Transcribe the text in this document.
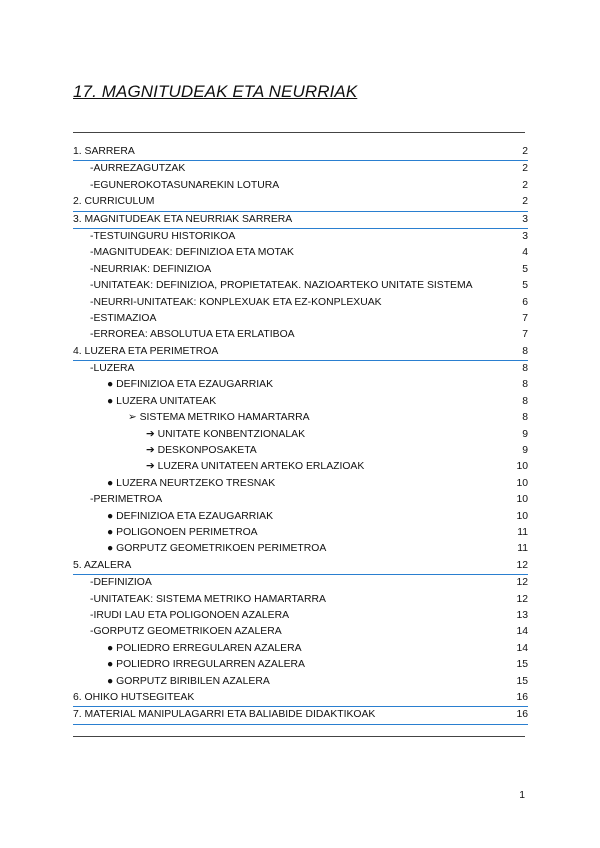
17. MAGNITUDEAK ETA NEURRIAK
1. SARRERA	2
-AURREZAGUTZAK	2
-EGUNEROKOTASUNAREKIN LOTURA	2
2. CURRICULUM	2
3. MAGNITUDEAK ETA NEURRIAK SARRERA	3
-TESTUINGURU HISTORIKOA	3
-MAGNITUDEAK: DEFINIZIOA ETA MOTAK	4
-NEURRIAK: DEFINIZIOA	5
-UNITATEAK: DEFINIZIOA, PROPIETATEAK. NAZIOARTEKO UNITATE SISTEMA	5
-NEURRI-UNITATEAK: KONPLEXUAK ETA EZ-KONPLEXUAK	6
-ESTIMAZIOA	7
-ERROREA: ABSOLUTUA ETA ERLATIBOA	7
4. LUZERA ETA PERIMETROA	8
-LUZERA	8
● DEFINIZIOA ETA EZAUGARRIAK	8
● LUZERA UNITATEAK	8
➢ SISTEMA METRIKO HAMARTARRA	8
➔ UNITATE KONBENTZIONALAK	9
➔ DESKONPOSAKETA	9
➔ LUZERA UNITATEEN ARTEKO ERLAZIOAK	10
● LUZERA NEURTZEKO TRESNAK	10
-PERIMETROA	10
● DEFINIZIOA ETA EZAUGARRIAK	10
● POLIGONOEN PERIMETROA	11
● GORPUTZ GEOMETRIKOEN PERIMETROA	11
5. AZALERA	12
-DEFINIZIOA	12
-UNITATEAK: SISTEMA METRIKO HAMARTARRA	12
-IRUDI LAU ETA POLIGONOEN AZALERA	13
-GORPUTZ GEOMETRIKOEN AZALERA	14
● POLIEDRO ERREGULAREN AZALERA	14
● POLIEDRO IRREGULARREN AZALERA	15
● GORPUTZ BIRIBILEN AZALERA	15
6. OHIKO HUTSEGITEAK	16
7. MATERIAL MANIPULAGARRI ETA BALIABIDE DIDAKTIKOAK	16
1
